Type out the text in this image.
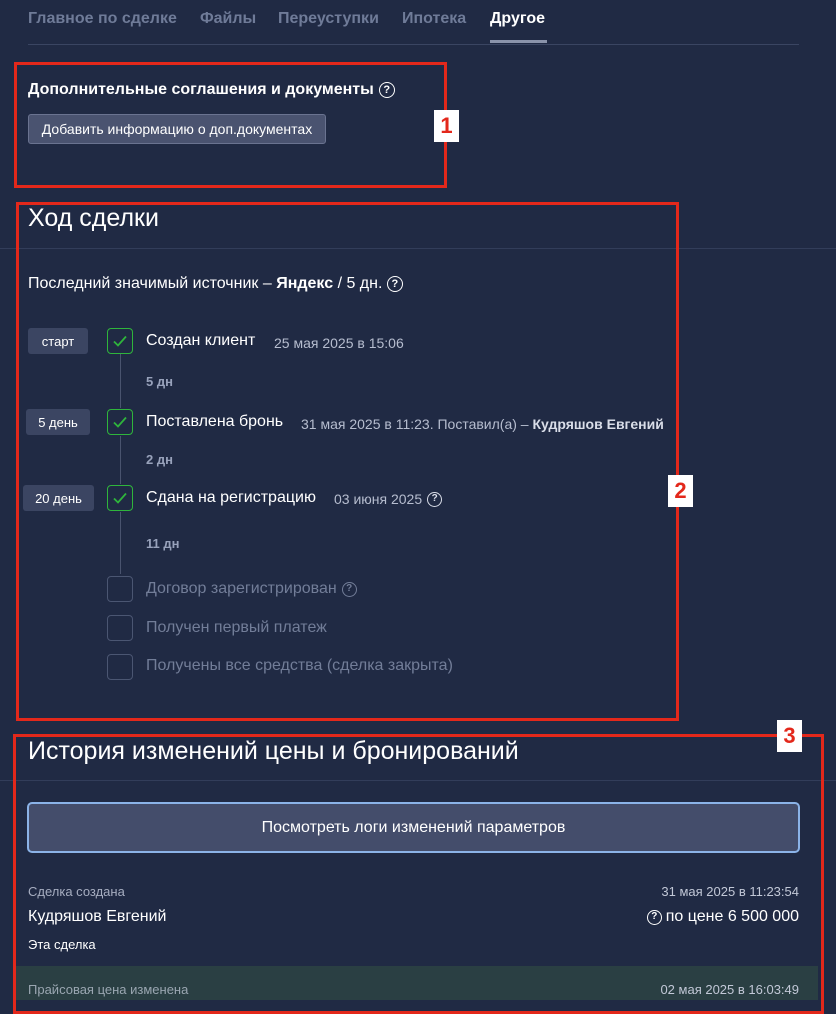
Главное по сделке Файлы Переуступки Ипотека Другое
Дополнительные соглашения и документы ?
Добавить информацию о доп.документах
Ход сделки
Последний значимый источник –
Яндекс
/ 5 дн.
?
старт	Создан клиент 25 мая 2025 в 15:06
5 дн
5 день	Поставлена бронь 31 мая 2025 в 11:23. Поставил(а) – Кудряшов Евгений
2 дн
20 день	Сдана на регистрацию 03 июня 2025 ?
11 дн
Договор зарегистрирован ?
Получен первый платеж
Получены все средства (сделка закрыта)
История изменений цены и бронирований
Посмотреть логи изменений параметров
Сделка создана	31 мая 2025 в 11:23:54
Кудряшов Евгений	? по цене 6 500 000
Эта сделка
Прайсовая цена изменена	02 мая 2025 в 16:03:49
1
2
3
